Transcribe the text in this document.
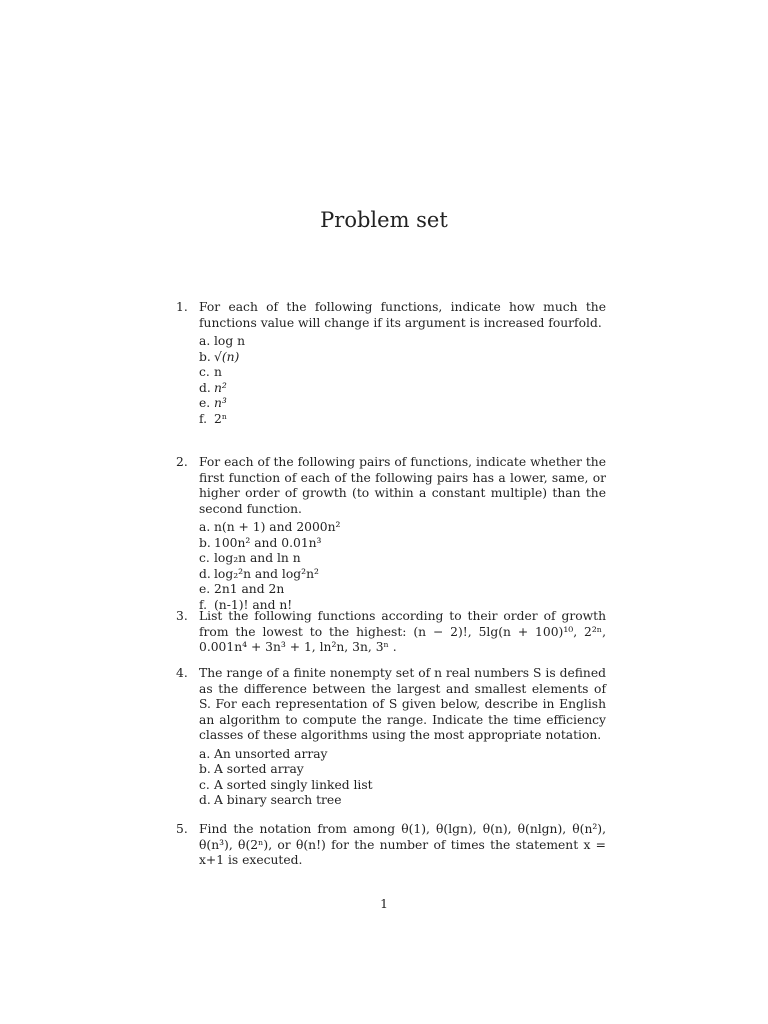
Problem set
1. For each of the following functions, indicate how much the functions value will change if its argument is increased fourfold.
a. log n
b. √(n)
c. n
d. n²
e. n³
f. 2ⁿ
2. For each of the following pairs of functions, indicate whether the first function of each of the following pairs has a lower, same, or higher order of growth (to within a constant multiple) than the second function.
a. n(n + 1) and 2000n²
b. 100n² and 0.01n³
c. log₂n and ln n
d. log₂²n and log²n²
e. 2n1 and 2n
f. (n-1)! and n!
3. List the following functions according to their order of growth from the lowest to the highest: (n − 2)!, 5lg(n + 100)¹⁰, 2²ⁿ, 0.001n⁴ + 3n³ + 1, ln²n, 3n, 3ⁿ .
4. The range of a finite nonempty set of n real numbers S is defined as the difference between the largest and smallest elements of S. For each representation of S given below, describe in English an algorithm to compute the range. Indicate the time efficiency classes of these algorithms using the most appropriate notation.
a. An unsorted array
b. A sorted array
c. A sorted singly linked list
d. A binary search tree
5. Find the notation from among θ(1), θ(lgn), θ(n), θ(nlgn), θ(n²), θ(n³), θ(2ⁿ), or θ(n!) for the number of times the statement x = x+1 is executed.
1
